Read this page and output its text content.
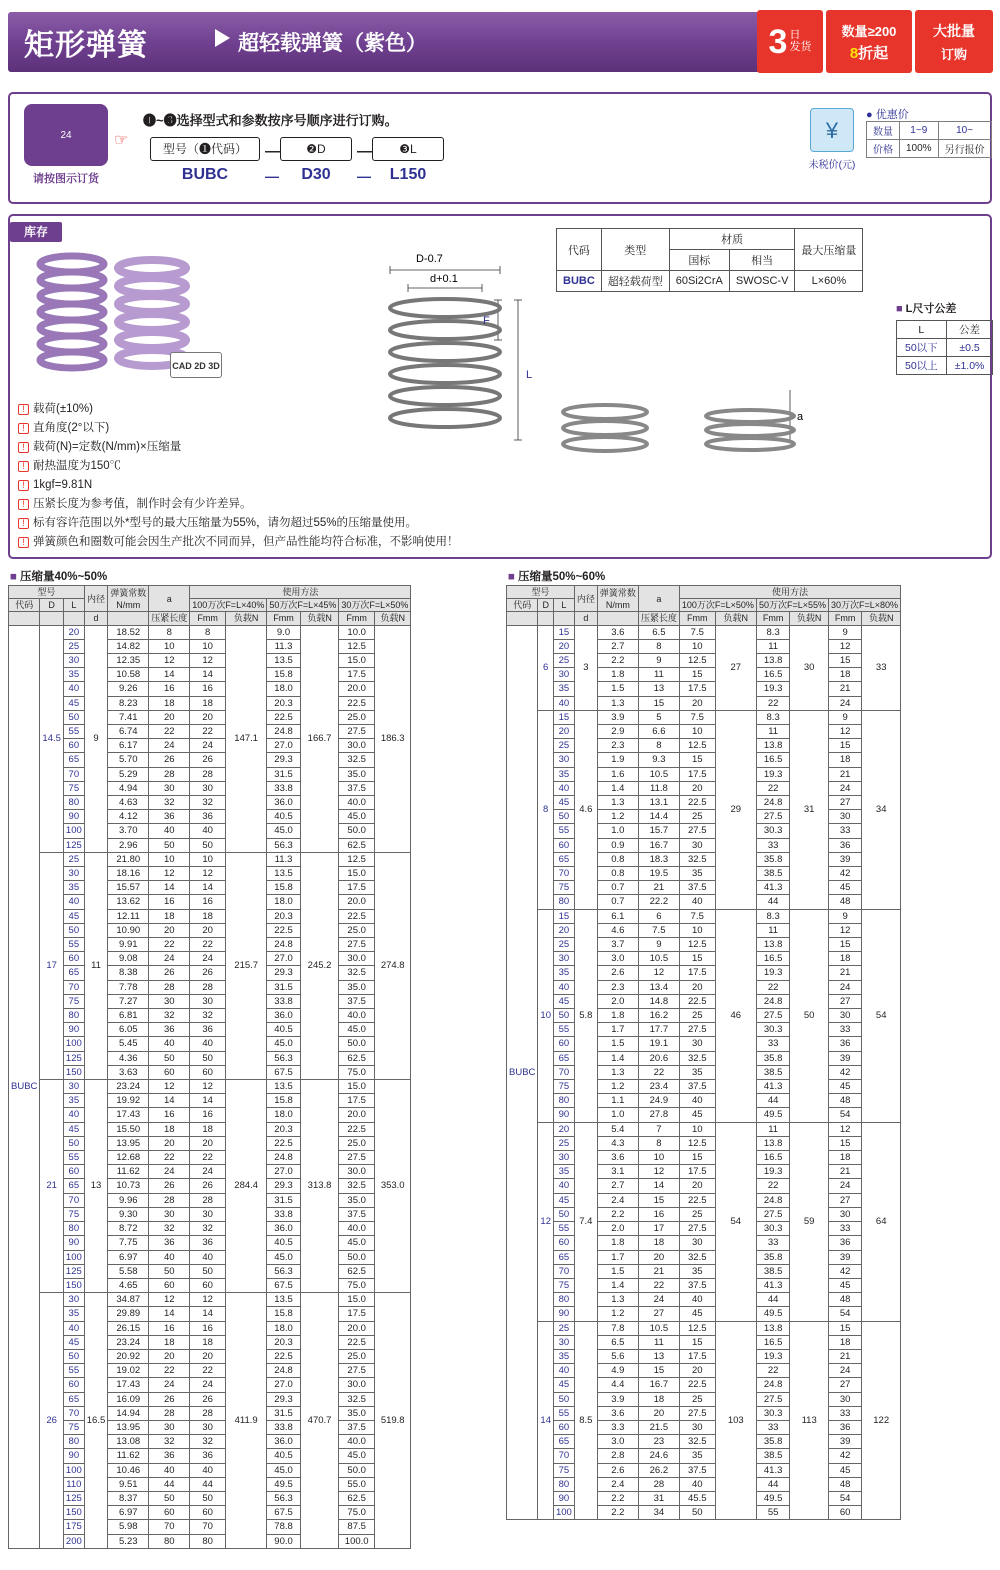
矩形弹簧	超轻载弹簧（紫色）	3 日
发货
数量≥200
8折起
大批量
订购
24
请按图示订货
☞
❶~❸选择型式和参数按序号顺序进行订购。
型号（❶代码）	—	❷D	—	❸L
BUBC	—	D30	—	L150
¥
未税价(元)
● 优惠价
数量	1~9	10~
价格	100%	另行报价
库存
CAD 2D 3D
! 载荷(±10%)
! 直角度(2°以下)
! 载荷(N)=定数(N/mm)×压缩量
! 耐热温度为150℃
! 1kgf=9.81N
! 压紧长度为参考值，制作时会有少许差异。
! 标有容许范围以外*型号的最大压缩量为55%，请勿超过55%的压缩量使用。
! 弹簧颜色和圈数可能会因生产批次不同而异，但产品性能均符合标准，不影响使用！
D-0.7
d+0.1
F
L
a
代码	类型	材质		最大压缩量
		国标	相当	
BUBC	超轻载荷型	60Si2CrA	SWOSC-V	L×60%
■ L尺寸公差
L	公差
50以下	±0.5
50以上	±1.0%
■ 压缩量40%~50%	■ 压缩量50%~60%
型号			内径	弹簧常数
N/mm	a	使用方法					
代码	D	L				100万次F=L×40%		50万次F=L×45%		30万次F=L×50%	
			d		压紧长度	Fmm	负载N	Fmm	负载N	Fmm	负载N
BUBC	14.5	20	9	18.52	8	8	147.1	9.0	166.7	10.0	186.3
		25		14.82	10	10		11.3		12.5	
		30		12.35	12	12		13.5		15.0	
		35		10.58	14	14		15.8		17.5	
		40		9.26	16	16		18.0		20.0	
		45		8.23	18	18		20.3		22.5	
		50		7.41	20	20		22.5		25.0	
		55		6.74	22	22		24.8		27.5	
		60		6.17	24	24		27.0		30.0	
		65		5.70	26	26		29.3		32.5	
		70		5.29	28	28		31.5		35.0	
		75		4.94	30	30		33.8		37.5	
		80		4.63	32	32		36.0		40.0	
		90		4.12	36	36		40.5		45.0	
		100		3.70	40	40		45.0		50.0	
		125		2.96	50	50		56.3		62.5	
	17	25	11	21.80	10	10	215.7	11.3	245.2	12.5	274.8
		30		18.16	12	12		13.5		15.0	
		35		15.57	14	14		15.8		17.5	
		40		13.62	16	16		18.0		20.0	
		45		12.11	18	18		20.3		22.5	
		50		10.90	20	20		22.5		25.0	
		55		9.91	22	22		24.8		27.5	
		60		9.08	24	24		27.0		30.0	
		65		8.38	26	26		29.3		32.5	
		70		7.78	28	28		31.5		35.0	
		75		7.27	30	30		33.8		37.5	
		80		6.81	32	32		36.0		40.0	
		90		6.05	36	36		40.5		45.0	
		100		5.45	40	40		45.0		50.0	
		125		4.36	50	50		56.3		62.5	
		150		3.63	60	60		67.5		75.0	
	21	30	13	23.24	12	12	284.4	13.5	313.8	15.0	353.0
		35		19.92	14	14		15.8		17.5	
		40		17.43	16	16		18.0		20.0	
		45		15.50	18	18		20.3		22.5	
		50		13.95	20	20		22.5		25.0	
		55		12.68	22	22		24.8		27.5	
		60		11.62	24	24		27.0		30.0	
		65		10.73	26	26		29.3		32.5	
		70		9.96	28	28		31.5		35.0	
		75		9.30	30	30		33.8		37.5	
		80		8.72	32	32		36.0		40.0	
		90		7.75	36	36		40.5		45.0	
		100		6.97	40	40		45.0		50.0	
		125		5.58	50	50		56.3		62.5	
		150		4.65	60	60		67.5		75.0	
	26	30	16.5	34.87	12	12	411.9	13.5	470.7	15.0	519.8
		35		29.89	14	14		15.8		17.5	
		40		26.15	16	16		18.0		20.0	
		45		23.24	18	18		20.3		22.5	
		50		20.92	20	20		22.5		25.0	
		55		19.02	22	22		24.8		27.5	
		60		17.43	24	24		27.0		30.0	
		65		16.09	26	26		29.3		32.5	
		70		14.94	28	28		31.5		35.0	
		75		13.95	30	30		33.8		37.5	
		80		13.08	32	32		36.0		40.0	
		90		11.62	36	36		40.5		45.0	
		100		10.46	40	40		45.0		50.0	
		110		9.51	44	44		49.5		55.0	
		125		8.37	50	50		56.3		62.5	
		150		6.97	60	60		67.5		75.0	
		175		5.98	70	70		78.8		87.5	
		200		5.23	80	80		90.0		100.0	
型号			内径	弹簧常数
N/mm	a	使用方法					
代码	D	L				100万次F=L×50%		50万次F=L×55%		30万次F=L×80%	
			d		压紧长度	Fmm	负载N	Fmm	负载N	Fmm	负载N
BUBC	6	15	3	3.6	6.5	7.5	27	8.3	30	9	33
		20		2.7	8	10		11		12	
		25		2.2	9	12.5		13.8		15	
		30		1.8	11	15		16.5		18	
		35		1.5	13	17.5		19.3		21	
		40		1.3	15	20		22		24	
	8	15	4.6	3.9	5	7.5	29	8.3	31	9	34
		20		2.9	6.6	10		11		12	
		25		2.3	8	12.5		13.8		15	
		30		1.9	9.3	15		16.5		18	
		35		1.6	10.5	17.5		19.3		21	
		40		1.4	11.8	20		22		24	
		45		1.3	13.1	22.5		24.8		27	
		50		1.2	14.4	25		27.5		30	
		55		1.0	15.7	27.5		30.3		33	
		60		0.9	16.7	30		33		36	
		65		0.8	18.3	32.5		35.8		39	
		70		0.8	19.5	35		38.5		42	
		75		0.7	21	37.5		41.3		45	
		80		0.7	22.2	40		44		48	
	10	15	5.8	6.1	6	7.5	46	8.3	50	9	54
		20		4.6	7.5	10		11		12	
		25		3.7	9	12.5		13.8		15	
		30		3.0	10.5	15		16.5		18	
		35		2.6	12	17.5		19.3		21	
		40		2.3	13.4	20		22		24	
		45		2.0	14.8	22.5		24.8		27	
		50		1.8	16.2	25		27.5		30	
		55		1.7	17.7	27.5		30.3		33	
		60		1.5	19.1	30		33		36	
		65		1.4	20.6	32.5		35.8		39	
		70		1.3	22	35		38.5		42	
		75		1.2	23.4	37.5		41.3		45	
		80		1.1	24.9	40		44		48	
		90		1.0	27.8	45		49.5		54	
	12	20	7.4	5.4	7	10	54	11	59	12	64
		25		4.3	8	12.5		13.8		15	
		30		3.6	10	15		16.5		18	
		35		3.1	12	17.5		19.3		21	
		40		2.7	14	20		22		24	
		45		2.4	15	22.5		24.8		27	
		50		2.2	16	25		27.5		30	
		55		2.0	17	27.5		30.3		33	
		60		1.8	18	30		33		36	
		65		1.7	20	32.5		35.8		39	
		70		1.5	21	35		38.5		42	
		75		1.4	22	37.5		41.3		45	
		80		1.3	24	40		44		48	
		90		1.2	27	45		49.5		54	
	14	25	8.5	7.8	10.5	12.5	103	13.8	113	15	122
		30		6.5	11	15		16.5		18	
		35		5.6	13	17.5		19.3		21	
		40		4.9	15	20		22		24	
		45		4.4	16.7	22.5		24.8		27	
		50		3.9	18	25		27.5		30	
		55		3.6	20	27.5		30.3		33	
		60		3.3	21.5	30		33		36	
		65		3.0	23	32.5		35.8		39	
		70		2.8	24.6	35		38.5		42	
		75		2.6	26.2	37.5		41.3		45	
		80		2.4	28	40		44		48	
		90		2.2	31	45.5		49.5		54	
		100		2.2	34	50		55		60	
